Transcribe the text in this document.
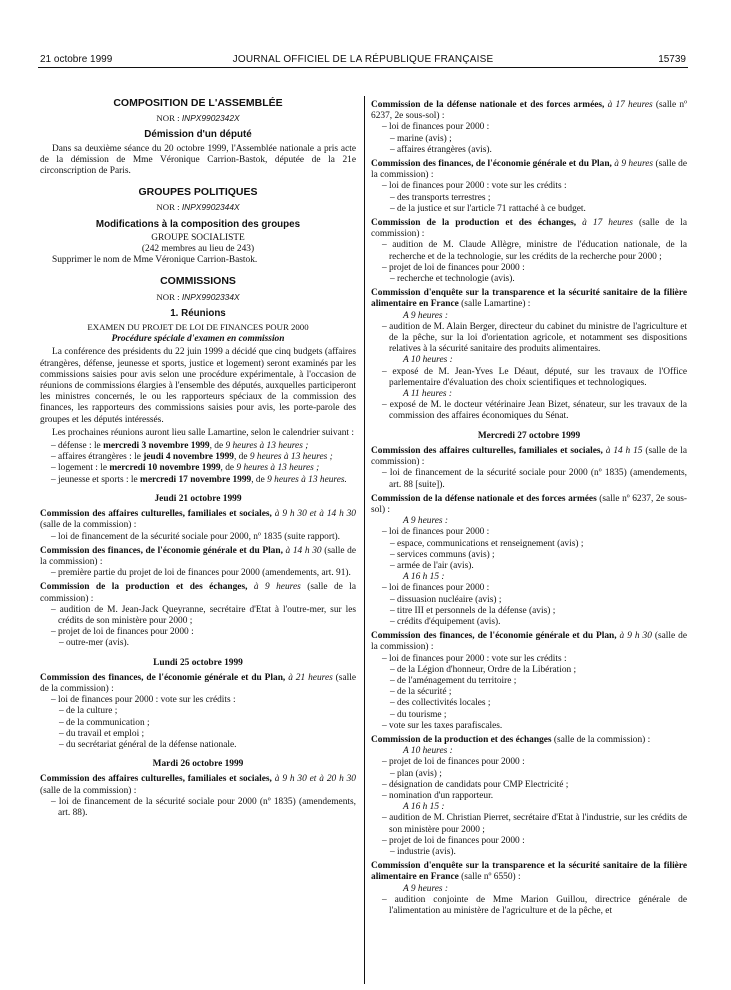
21 octobre 1999	JOURNAL OFFICIEL DE LA RÉPUBLIQUE FRANÇAISE	15739
COMPOSITION DE L'ASSEMBLÉE
NOR : INPX9902342X
Démission d'un député

Dans sa deuxième séance du 20 octobre 1999, l'Assemblée nationale a pris acte de la démission de Mme Véronique Carrion-Bastok, députée de la 21e circonscription de Paris.

GROUPES POLITIQUES
NOR : INPX9902344X
Modifications à la composition des groupes
GROUPE SOCIALISTE
(242 membres au lieu de 243)

Supprimer le nom de Mme Véronique Carrion-Bastok.

COMMISSIONS
NOR : INPX9902334X
1. Réunions
EXAMEN DU PROJET DE LOI DE FINANCES POUR 2000
Procédure spéciale d'examen en commission

La conférence des présidents du 22 juin 1999 a décidé que cinq budgets (affaires étrangères, défense, jeunesse et sports, justice et logement) seront examinés par les commissions saisies pour avis selon une procédure expérimentale, à l'occasion de réunions de commissions élargies à l'ensemble des députés, auxquelles participeront les ministres concernés, le ou les rapporteurs spéciaux de la commission des finances, les rapporteurs des commissions saisies pour avis, les porte-parole des groupes et les députés intéressés.

Les prochaines réunions auront lieu salle Lamartine, selon le calendrier suivant :

– défense : le mercredi 3 novembre 1999, de 9 heures à 13 heures ;

– affaires étrangères : le jeudi 4 novembre 1999, de 9 heures à 13 heures ;

– logement : le mercredi 10 novembre 1999, de 9 heures à 13 heures ;

– jeunesse et sports : le mercredi 17 novembre 1999, de 9 heures à 13 heures.

Jeudi 21 octobre 1999

Commission des affaires culturelles, familiales et sociales, à 9 h 30 et à 14 h 30 (salle de la commission) :

– loi de financement de la sécurité sociale pour 2000, nº 1835 (suite rapport).

Commission des finances, de l'économie générale et du Plan, à 14 h 30 (salle de la commission) :

– première partie du projet de loi de finances pour 2000 (amendements, art. 91).

Commission de la production et des échanges, à 9 heures (salle de la commission) :

– audition de M. Jean-Jack Queyranne, secrétaire d'Etat à l'outre-mer, sur les crédits de son ministère pour 2000 ;

– projet de loi de finances pour 2000 :

– outre-mer (avis).

Lundi 25 octobre 1999

Commission des finances, de l'économie générale et du Plan, à 21 heures (salle de la commission) :

– loi de finances pour 2000 : vote sur les crédits :

– de la culture ;

– de la communication ;

– du travail et emploi ;

– du secrétariat général de la défense nationale.

Mardi 26 octobre 1999

Commission des affaires culturelles, familiales et sociales, à 9 h 30 et à 20 h 30 (salle de la commission) :

– loi de financement de la sécurité sociale pour 2000 (nº 1835) (amendements, art. 88).

Commission de la défense nationale et des forces armées, à 17 heures (salle nº 6237, 2e sous-sol) :

– loi de finances pour 2000 :

– marine (avis) ;

– affaires étrangères (avis).

Commission des finances, de l'économie générale et du Plan, à 9 heures (salle de la commission) :

– loi de finances pour 2000 : vote sur les crédits :

– des transports terrestres ;

– de la justice et sur l'article 71 rattaché à ce budget.

Commission de la production et des échanges, à 17 heures (salle de la commission) :

– audition de M. Claude Allègre, ministre de l'éducation nationale, de la recherche et de la technologie, sur les crédits de la recherche pour 2000 ;

– projet de loi de finances pour 2000 :

– recherche et technologie (avis).

Commission d'enquête sur la transparence et la sécurité sanitaire de la filière alimentaire en France (salle Lamartine) :

A 9 heures :

– audition de M. Alain Berger, directeur du cabinet du ministre de l'agriculture et de la pêche, sur la loi d'orientation agricole, et notamment ses dispositions relatives à la sécurité sanitaire des produits alimentaires.

A 10 heures :

– exposé de M. Jean-Yves Le Déaut, député, sur les travaux de l'Office parlementaire d'évaluation des choix scientifiques et technologiques.

A 11 heures :

– exposé de M. le docteur vétérinaire Jean Bizet, sénateur, sur les travaux de la commission des affaires économiques du Sénat.

Mercredi 27 octobre 1999

Commission des affaires culturelles, familiales et sociales, à 14 h 15 (salle de la commission) :

– loi de financement de la sécurité sociale pour 2000 (nº 1835) (amendements, art. 88 [suite]).

Commission de la défense nationale et des forces armées (salle nº 6237, 2e sous-sol) :

A 9 heures :

– loi de finances pour 2000 :

– espace, communications et renseignement (avis) ;

– services communs (avis) ;

– armée de l'air (avis).

A 16 h 15 :

– loi de finances pour 2000 :

– dissuasion nucléaire (avis) ;

– titre III et personnels de la défense (avis) ;

– crédits d'équipement (avis).

Commission des finances, de l'économie générale et du Plan, à 9 h 30 (salle de la commission) :

– loi de finances pour 2000 : vote sur les crédits :

– de la Légion d'honneur, Ordre de la Libération ;

– de l'aménagement du territoire ;

– de la sécurité ;

– des collectivités locales ;

– du tourisme ;

– vote sur les taxes parafiscales.

Commission de la production et des échanges (salle de la commission) :

A 10 heures :

– projet de loi de finances pour 2000 :

– plan (avis) ;

– désignation de candidats pour CMP Electricité ;

– nomination d'un rapporteur.

A 16 h 15 :

– audition de M. Christian Pierret, secrétaire d'Etat à l'industrie, sur les crédits de son ministère pour 2000 ;

– projet de loi de finances pour 2000 :

– industrie (avis).

Commission d'enquête sur la transparence et la sécurité sanitaire de la filière alimentaire en France (salle nº 6550) :

A 9 heures :

– audition conjointe de Mme Marion Guillou, directrice générale de l'alimentation au ministère de l'agriculture et de la pêche, et
